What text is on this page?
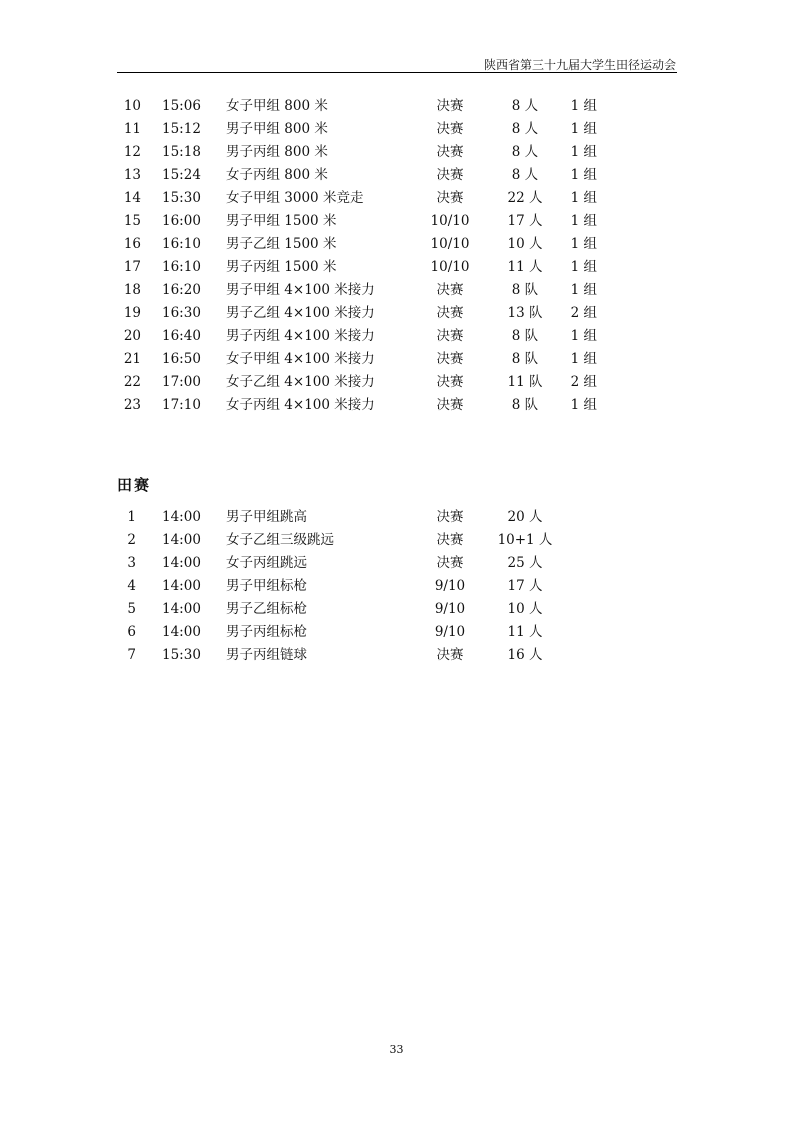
陕西省第三十九届大学生田径运动会
10 15:06 女子甲组 800 米	决赛	8 人	1 组
11 15:12 男子甲组 800 米	决赛	8 人	1 组
12 15:18 男子丙组 800 米	决赛	8 人	1 组
13 15:24 女子丙组 800 米	决赛	8 人	1 组
14 15:30 女子甲组 3000 米竞走	决赛	22 人	1 组
15 16:00 男子甲组 1500 米	10/10	17 人	1 组
16 16:10 男子乙组 1500 米	10/10	10 人	1 组
17 16:10 男子丙组 1500 米	10/10	11 人	1 组
18 16:20 男子甲组 4×100 米接力	决赛	8 队	1 组
19 16:30 男子乙组 4×100 米接力	决赛	13 队	2 组
20 16:40 男子丙组 4×100 米接力	决赛	8 队	1 组
21 16:50 女子甲组 4×100 米接力	决赛	8 队	1 组
22 17:00 女子乙组 4×100 米接力	决赛	11 队	2 组
23 17:10 女子丙组 4×100 米接力	决赛	8 队	1 组
田赛
1 14:00 男子甲组跳高	决赛	20 人
2 14:00 女子乙组三级跳远	决赛	10+1 人
3 14:00 女子丙组跳远	决赛	25 人
4 14:00 男子甲组标枪	9/10	17 人
5 14:00 男子乙组标枪	9/10	10 人
6 14:00 男子丙组标枪	9/10	11 人
7 15:30 男子丙组链球	决赛	16 人
33
